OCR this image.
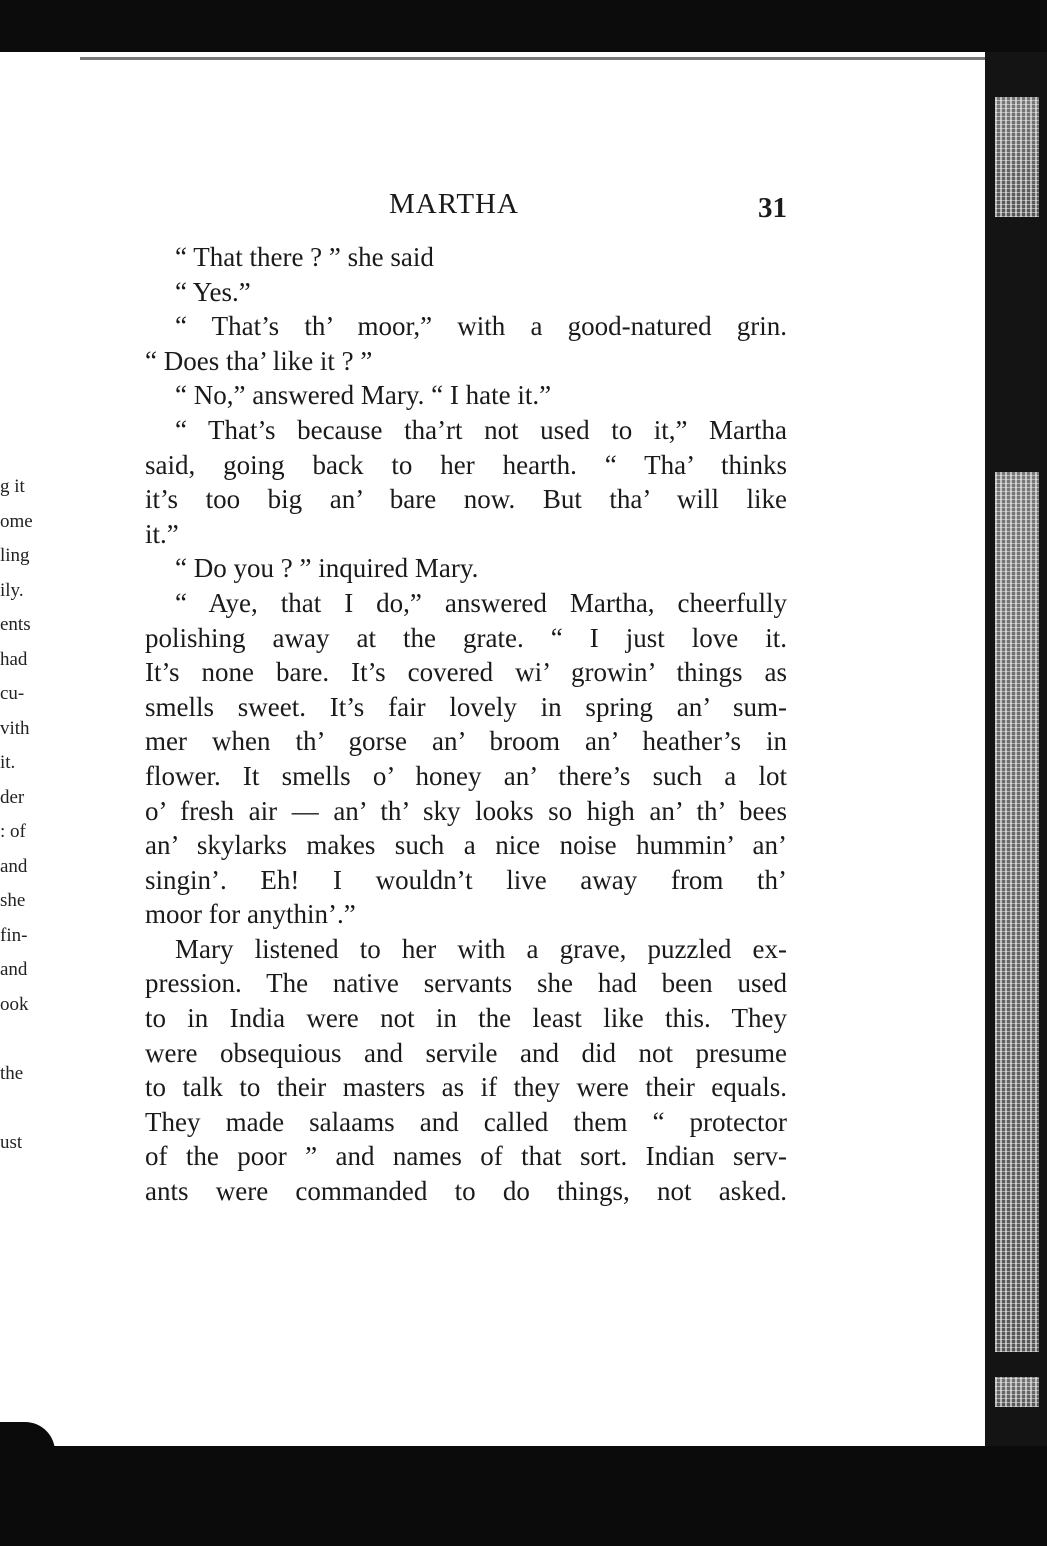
g it
ome
ling
ily.
ents
had
cu-
vith
it.
der
: of
and
she
fin-
and
ook
the
ust
MARTHA	31
“ That there ? ” she said
“ Yes.”
“ That’s th’ moor,” with a good-natured grin.
“ Does tha’ like it ? ”
“ No,” answered Mary. “ I hate it.”
“ That’s because tha’rt not used to it,” Martha
said, going back to her hearth. “ Tha’ thinks
it’s too big an’ bare now. But tha’ will like
it.”
“ Do you ? ” inquired Mary.
“ Aye, that I do,” answered Martha, cheerfully
polishing away at the grate. “ I just love it.
It’s none bare. It’s covered wi’ growin’ things as
smells sweet. It’s fair lovely in spring an’ sum-
mer when th’ gorse an’ broom an’ heather’s in
flower. It smells o’ honey an’ there’s such a lot
o’ fresh air — an’ th’ sky looks so high an’ th’ bees
an’ skylarks makes such a nice noise hummin’ an’
singin’. Eh! I wouldn’t live away from th’
moor for anythin’.”
Mary listened to her with a grave, puzzled ex-
pression. The native servants she had been used
to in India were not in the least like this. They
were obsequious and servile and did not presume
to talk to their masters as if they were their equals.
They made salaams and called them “ protector
of the poor ” and names of that sort. Indian serv-
ants were commanded to do things, not asked.
